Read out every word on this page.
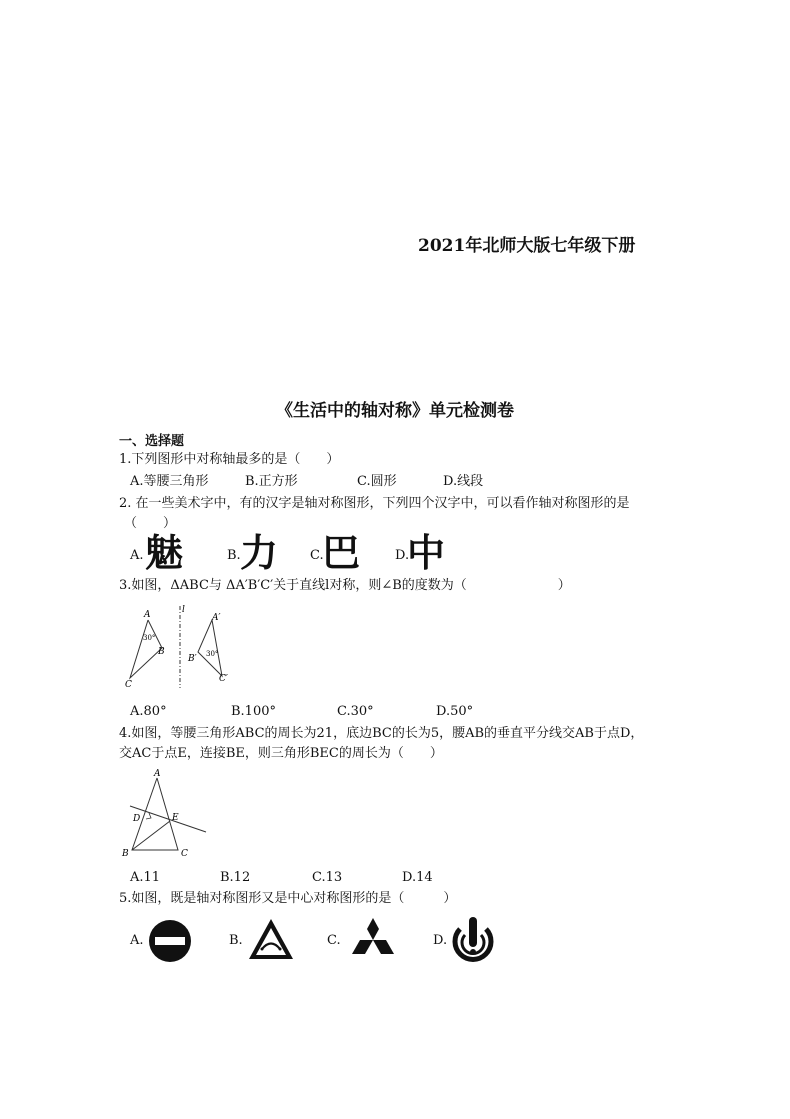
2021年北师大版七年级下册
《生活中的轴对称》单元检测卷
一、选择题
1.下列图形中对称轴最多的是（　　）
A.等腰三角形	B.正方形	C.圆形	D.线段
2. 在一些美术字中，有的汉字是轴对称图形，下列四个汉字中，可以看作轴对称图形的是
（　　）
A. 魅	B. 力 C.
巴	D.
中
3.如图，ΔABC与 ΔA′B′C′关于直线l对称，则∠B的度数为（　　　　　　　）
A
30°
B
C
l
A′
B′ 30°
C′
A.80°	B.100°	C.30°	D.50°
4.如图，等腰三角形ABC的周长为21，底边BC的长为5，腰AB的垂直平分线交AB于点D，
交AC于点E，连接BE，则三角形BEC的周长为（　　）
A
D	E
B	C
A.11	B.12	C.13	D.14
5.如图，既是轴对称图形又是中心对称图形的是（　　　）
A.	B.	C.	D.
